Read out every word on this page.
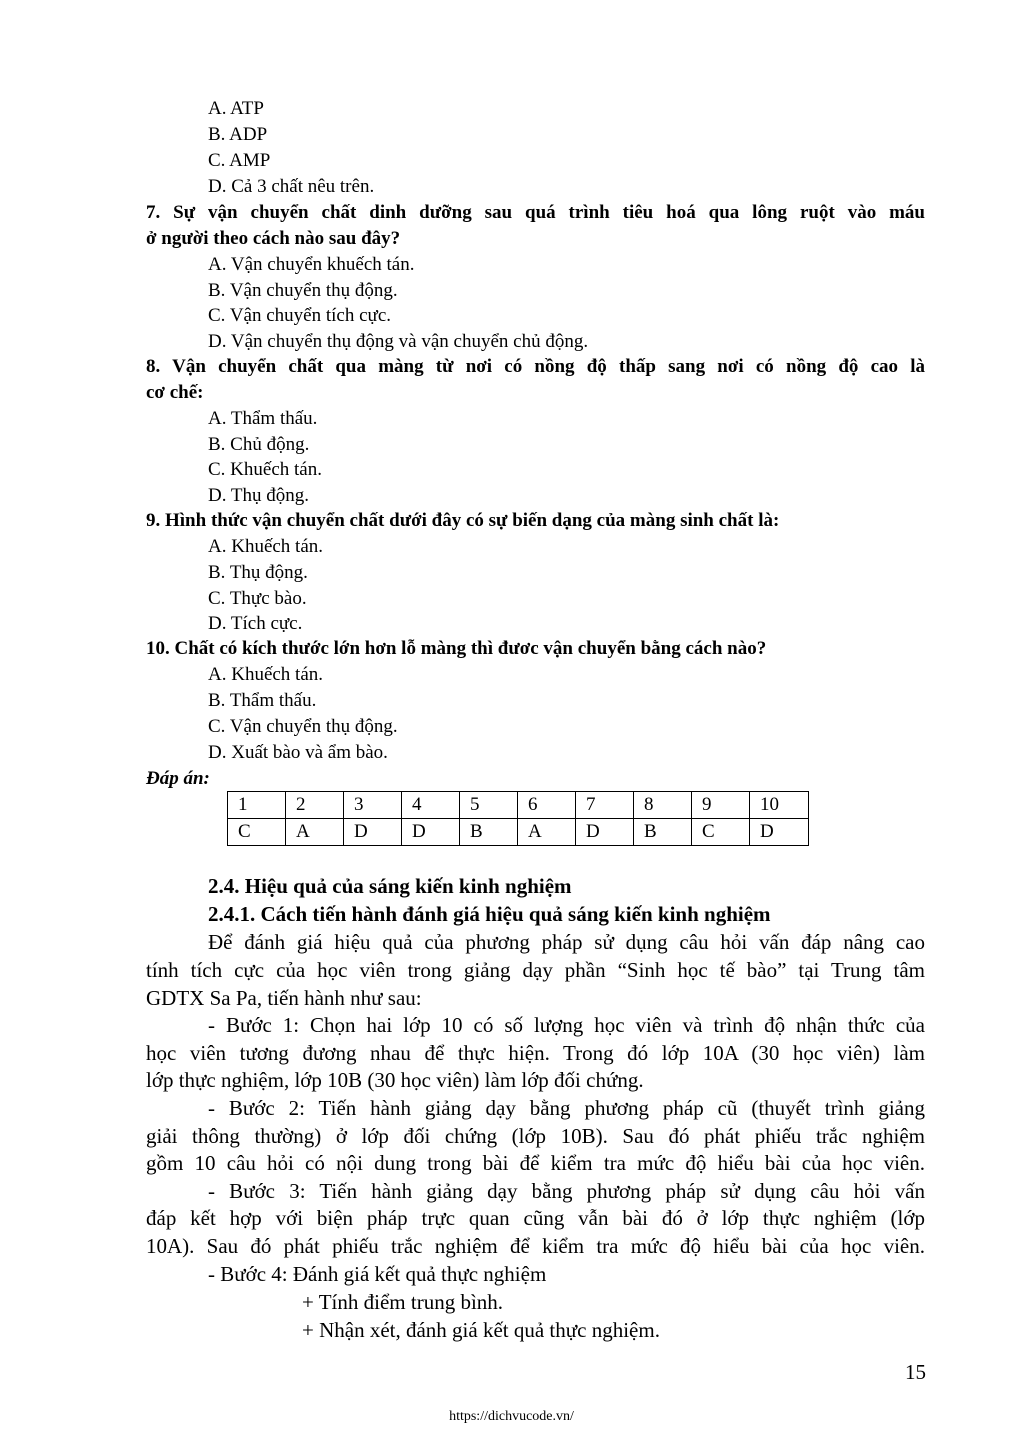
A. ATP
B. ADP
C. AMP
D. Cả 3 chất nêu trên.
7. Sự vận chuyển chất dinh dưỡng sau quá trình tiêu hoá qua lông ruột vào máu
ở người theo cách nào sau đây?
A. Vận chuyển khuếch tán.
B. Vận chuyển thụ động.
C. Vận chuyển tích cực.
D. Vận chuyển thụ động và vận chuyển chủ động.
8. Vận chuyển chất qua màng từ nơi có nồng độ thấp sang nơi có nồng độ cao là
cơ chế:
A. Thẩm thấu.
B. Chủ động.
C. Khuếch tán.
D. Thụ động.
9. Hình thức vận chuyển chất dưới đây có sự biến dạng của màng sinh chất là:
A. Khuếch tán.
B. Thụ động.
C. Thực bào.
D. Tích cực.
10. Chất có kích thước lớn hơn lỗ màng thì đươc vận chuyển bằng cách nào?
A. Khuếch tán.
B. Thẩm thấu.
C. Vận chuyển thụ động.
D. Xuất bào và ẩm bào.
Đáp án:
1	2	3	4	5	6	7	8	9	10
C	A	D	D	B	A	D	B	C	D
2.4. Hiệu quả của sáng kiến kinh nghiệm
2.4.1. Cách tiến hành đánh giá hiệu quả sáng kiến kinh nghiệm
Để đánh giá hiệu quả của phương pháp sử dụng câu hỏi vấn đáp nâng cao
tính tích cực của học viên trong giảng dạy phần “Sinh học tế bào” tại Trung tâm
GDTX Sa Pa, tiến hành như sau:
- Bước 1: Chọn hai lớp 10 có số lượng học viên và trình độ nhận thức của
học viên tương đương nhau để thực hiện. Trong đó lớp 10A (30 học viên) làm
lớp thực nghiệm, lớp 10B (30 học viên) làm lớp đối chứng.
- Bước 2: Tiến hành giảng dạy bằng phương pháp cũ (thuyết trình giảng
giải thông thường) ở lớp đối chứng (lớp 10B). Sau đó phát phiếu trắc nghiệm
gồm 10 câu hỏi có nội dung trong bài để kiểm tra mức độ hiểu bài của học viên.
- Bước 3: Tiến hành giảng dạy bằng phương pháp sử dụng câu hỏi vấn
đáp kết hợp với biện pháp trực quan cũng vẫn bài đó ở lớp thực nghiệm (lớp
10A). Sau đó phát phiếu trắc nghiệm để kiểm tra mức độ hiểu bài của học viên.
- Bước 4: Đánh giá kết quả thực nghiệm
+ Tính điểm trung bình.
+ Nhận xét, đánh giá kết quả thực nghiệm.
15
https://dichvucode.vn/
